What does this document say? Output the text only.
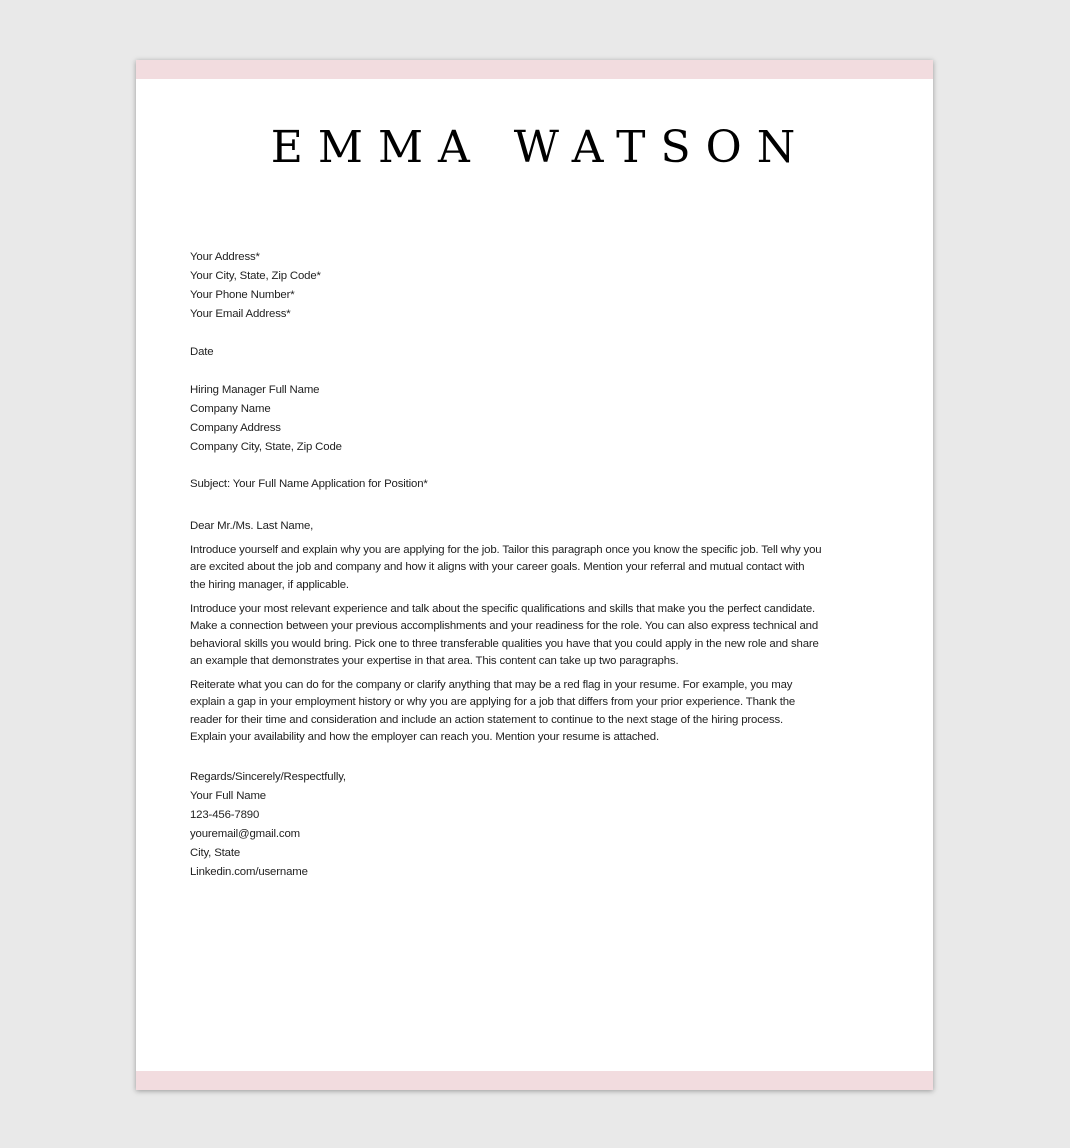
EMMA WATSON
Your Address*
Your City, State, Zip Code*
Your Phone Number*
Your Email Address*
Date
Hiring Manager Full Name
Company Name
Company Address
Company City, State, Zip Code
Subject: Your Full Name Application for Position*
Dear Mr./Ms. Last Name,
Introduce yourself and explain why you are applying for the job. Tailor this paragraph once you know the specific job. Tell why you
are excited about the job and company and how it aligns with your career goals. Mention your referral and mutual contact with
the hiring manager, if applicable.
Introduce your most relevant experience and talk about the specific qualifications and skills that make you the perfect candidate.
Make a connection between your previous accomplishments and your readiness for the role. You can also express technical and
behavioral skills you would bring. Pick one to three transferable qualities you have that you could apply in the new role and share
an example that demonstrates your expertise in that area. This content can take up two paragraphs.
Reiterate what you can do for the company or clarify anything that may be a red flag in your resume. For example, you may
explain a gap in your employment history or why you are applying for a job that differs from your prior experience. Thank the
reader for their time and consideration and include an action statement to continue to the next stage of the hiring process.
Explain your availability and how the employer can reach you. Mention your resume is attached.
Regards/Sincerely/Respectfully,
Your Full Name
123-456-7890
youremail@gmail.com
City, State
Linkedin.com/username
